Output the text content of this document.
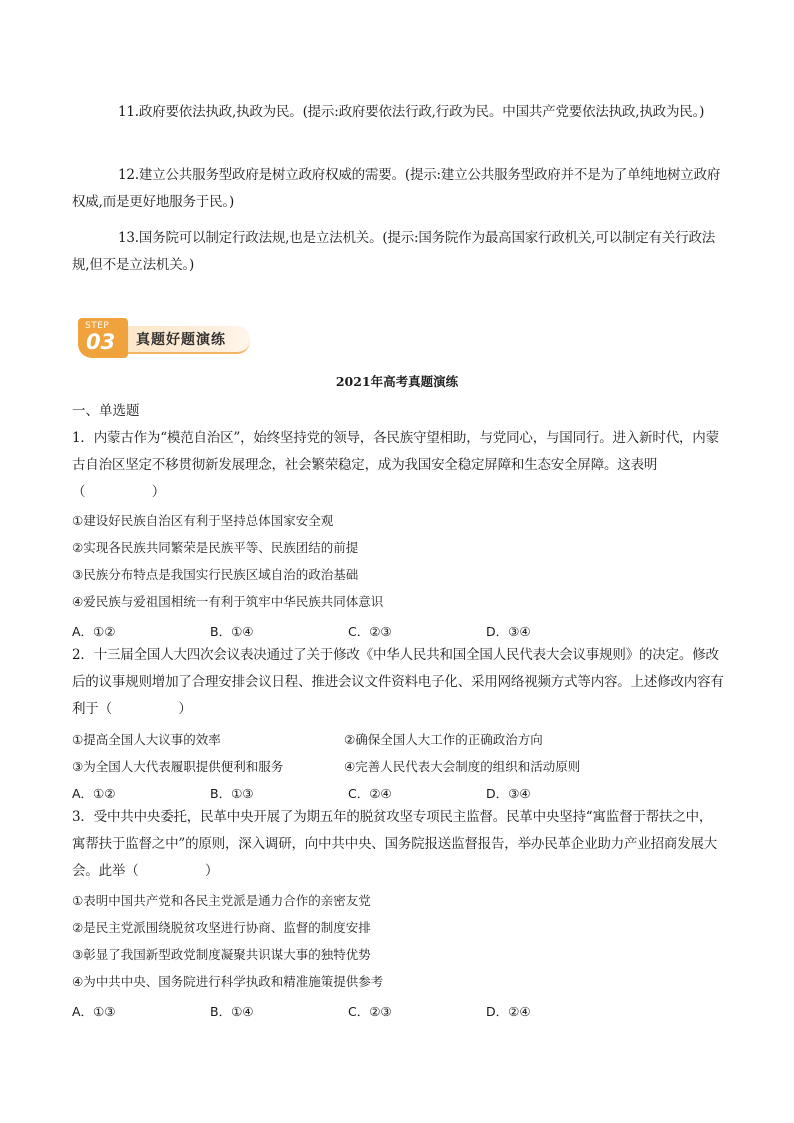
11.政府要依法执政,执政为民。(提示:政府要依法行政,行政为民。中国共产党要依法执政,执政为民。)
12.建立公共服务型政府是树立政府权威的需要。(提示:建立公共服务型政府并不是为了单纯地树立政府权威,而是更好地服务于民。)
13.国务院可以制定行政法规,也是立法机关。(提示:国务院作为最高国家行政机关,可以制定有关行政法规,但不是立法机关。)
真题好题演练
STEP
03
2021年高考真题演练
一、单选题
1．内蒙古作为“模范自治区”，始终坚持党的领导，各民族守望相助，与党同心，与国同行。进入新时代，内蒙古自治区坚定不移贯彻新发展理念，社会繁荣稳定，成为我国安全稳定屏障和生态安全屏障。这表明（　　　　　）
①建设好民族自治区有利于坚持总体国家安全观
②实现各民族共同繁荣是民族平等、民族团结的前提
③民族分布特点是我国实行民族区域自治的政治基础
④爱民族与爱祖国相统一有利于筑牢中华民族共同体意识
A．①②	B．①④	C．②③	D．③④
2．十三届全国人大四次会议表决通过了关于修改《中华人民共和国全国人民代表大会议事规则》的决定。修改后的议事规则增加了合理安排会议日程、推进会议文件资料电子化、采用网络视频方式等内容。上述修改内容有利于（　　　　　）
①提高全国人大议事的效率	②确保全国人大工作的正确政治方向
③为全国人大代表履职提供便利和服务	④完善人民代表大会制度的组织和活动原则
A．①②	B．①③	C．②④	D．③④
3．受中共中央委托，民革中央开展了为期五年的脱贫攻坚专项民主监督。民革中央坚持“寓监督于帮扶之中，寓帮扶于监督之中”的原则，深入调研，向中共中央、国务院报送监督报告，举办民革企业助力产业招商发展大会。此举（　　　　　）
①表明中国共产党和各民主党派是通力合作的亲密友党
②是民主党派围绕脱贫攻坚进行协商、监督的制度安排
③彰显了我国新型政党制度凝聚共识谋大事的独特优势
④为中共中央、国务院进行科学执政和精准施策提供参考
A．①③	B．①④	C．②③	D．②④
